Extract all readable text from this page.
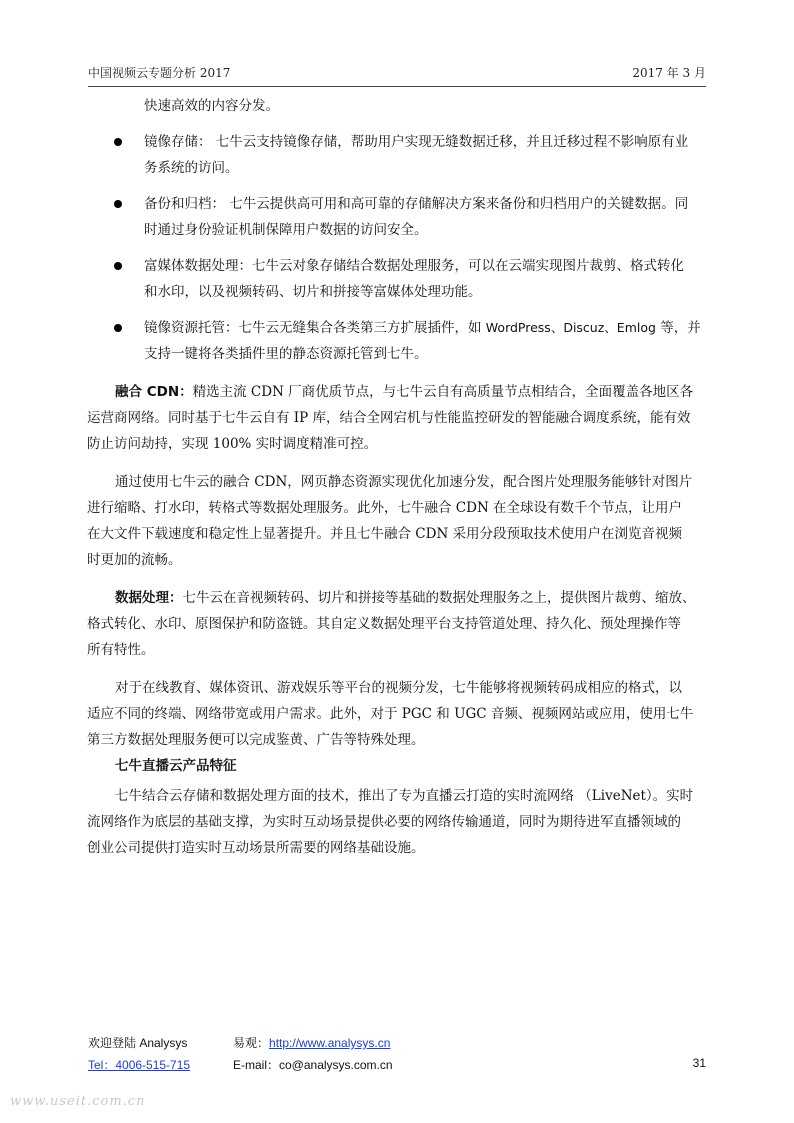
中国视频云专题分析 2017	2017 年 3 月

快速高效的内容分发。

镜像存储： 七牛云支持镜像存储，帮助用户实现无缝数据迁移，并且迁移过程不影响原有业

务系统的访问。

备份和归档： 七牛云提供高可用和高可靠的存储解决方案来备份和归档用户的关键数据。同

时通过身份验证机制保障用户数据的访问安全。

富媒体数据处理：七牛云对象存储结合数据处理服务，可以在云端实现图片裁剪、格式转化

和水印，以及视频转码、切片和拼接等富媒体处理功能。

镜像资源托管：七牛云无缝集合各类第三方扩展插件，如 WordPress、Discuz、Emlog 等，并

支持一键将各类插件里的静态资源托管到七牛。

融合 CDN：精选主流 CDN 厂商优质节点，与七牛云自有高质量节点相结合，全面覆盖各地区各

运营商网络。同时基于七牛云自有 IP 库，结合全网宕机与性能监控研发的智能融合调度系统，能有效

防止访问劫持，实现 100% 实时调度精准可控。

通过使用七牛云的融合 CDN，网页静态资源实现优化加速分发，配合图片处理服务能够针对图片

进行缩略、打水印，转格式等数据处理服务。此外，七牛融合 CDN 在全球设有数千个节点，让用户

在大文件下载速度和稳定性上显著提升。并且七牛融合 CDN 采用分段预取技术使用户在浏览音视频

时更加的流畅。

数据处理：七牛云在音视频转码、切片和拼接等基础的数据处理服务之上，提供图片裁剪、缩放、

格式转化、水印、原图保护和防盗链。其自定义数据处理平台支持管道处理、持久化、预处理操作等

所有特性。

对于在线教育、媒体资讯、游戏娱乐等平台的视频分发，七牛能够将视频转码成相应的格式，以

适应不同的终端、网络带宽或用户需求。此外，对于 PGC 和 UGC 音频、视频网站或应用，使用七牛

第三方数据处理服务便可以完成鉴黄、广告等特殊处理。

七牛直播云产品特征

七牛结合云存储和数据处理方面的技术，推出了专为直播云打造的实时流网络 （LiveNet）。实时

流网络作为底层的基础支撑，为实时互动场景提供必要的网络传输通道，同时为期待进军直播领域的

创业公司提供打造实时互动场景所需要的网络基础设施。

欢迎登陆 Analysys	易观：http://www.analysys.cn
Tel：4006-515-715	E-mail：co@analysys.com.cn	31
www.useit.com.cn
